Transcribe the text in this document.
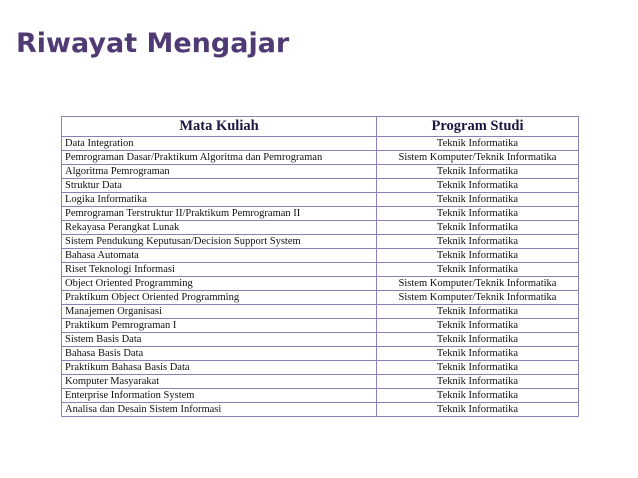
Riwayat Mengajar
Mata Kuliah	Program Studi
Data Integration	Teknik Informatika
Pemrograman Dasar/Praktikum Algoritma dan Pemrograman	Sistem Komputer/Teknik Informatika
Algoritma Pemrograman	Teknik Informatika
Struktur Data	Teknik Informatika
Logika Informatika	Teknik Informatika
Pemrograman Terstruktur II/Praktikum Pemrograman II	Teknik Informatika
Rekayasa Perangkat Lunak	Teknik Informatika
Sistem Pendukung Keputusan/Decision Support System	Teknik Informatika
Bahasa Automata	Teknik Informatika
Riset Teknologi Informasi	Teknik Informatika
Object Oriented Programming	Sistem Komputer/Teknik Informatika
Praktikum Object Oriented Programming	Sistem Komputer/Teknik Informatika
Manajemen Organisasi	Teknik Informatika
Praktikum Pemrograman I	Teknik Informatika
Sistem Basis Data	Teknik Informatika
Bahasa Basis Data	Teknik Informatika
Praktikum Bahasa Basis Data	Teknik Informatika
Komputer Masyarakat	Teknik Informatika
Enterprise Information System	Teknik Informatika
Analisa dan Desain Sistem Informasi	Teknik Informatika
